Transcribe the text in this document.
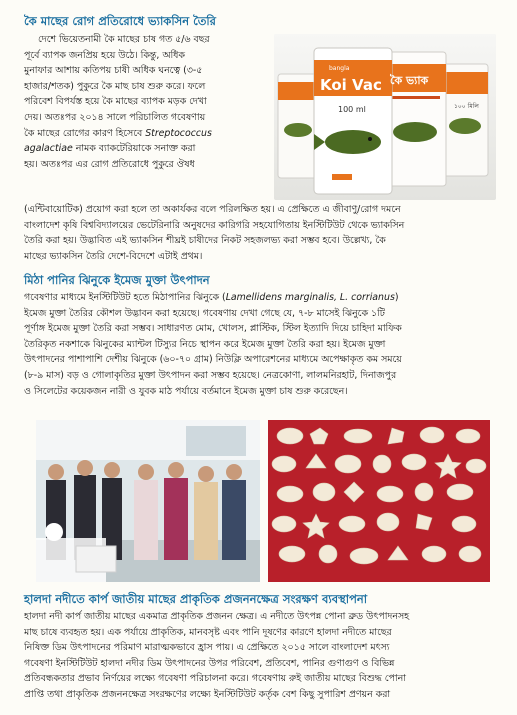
কৈ মাছের রোগ প্রতিরোধে ভ্যাকসিন তৈরি
দেশে ভিয়েতনামী কৈ মাছের চাষ গত ৫/৬ বছর
পূর্বে ব্যাপক জনপ্রিয় হয়ে উঠে। কিন্তু, অধিক
মুনাফার আশায় কতিপয় চাষী অধিক ঘনত্বে (৩-৫
হাজার/শতক) পুকুরে কৈ মাছ চাষ শুরু করে। ফলে
পরিবেশ বিপর্যস্ত হয়ে কৈ মাছের ব্যাপক মড়ক দেখা
দেয়। অতঃপর ২০১৪ সালে পরিচালিত গবেষণায়
কৈ মাছের রোগের কারণ হিসেবে Streptococcus
agalactiae নামক ব্যাকটেরিয়াকে সনাক্ত করা
হয়। অতঃপর এর রোগ প্রতিরোধে পুকুরে ঔষধ
bangla
Koi Vac কৈ ভ্যাক
100 ml	১০০ মিলি
(এন্টিবায়োটিক) প্রয়োগ করা হলে তা অকার্যকর বলে পরিলক্ষিত হয়। এ প্রেক্ষিতে এ জীবাণু/রোগ দমনে
বাংলাদেশ কৃষি বিশ্ববিদ্যালয়ের ভেটেরিনারি অনুষদের কারিগরি সহযোগিতায় ইনস্টিটিউট থেকে ভ্যাকসিন
তৈরি করা হয়। উদ্ভাবিত এই ভ্যাকসিন শীঘ্রই চাষীদের নিকট সহজলভ্য করা সম্ভব হবে। উল্লেখ্য, কৈ
মাছের ভ্যাকসিন তৈরি দেশে-বিদেশে এটাই প্রথম।
মিঠা পানির ঝিনুকে ইমেজ মুক্তা উৎপাদন
গবেষণার মাধ্যমে ইনস্টিটিউট হতে মিঠাপানির ঝিনুকে (Lamellidens marginalis, L. corrianus)
ইমেজ মুক্তা তৈরির কৌশল উদ্ভাবন করা হয়েছে। গবেষণায় দেখা গেছে যে, ৭-৮ মাসেই ঝিনুকে ১টি
পূর্ণাঙ্গ ইমেজ মুক্তা তৈরি করা সম্ভব। সাধারণত মোম, খোলস, প্লাস্টিক, স্টিল ইত্যাদি দিয়ে চাহিদা মাফিক
তৈরিকৃত নকশাকে ঝিনুকের ম্যান্টল টিস্যুর নিচে স্থাপন করে ইমেজ মুক্তা তৈরি করা হয়। ইমেজ মুক্তা
উৎপাদনের পাশাপাশি দেশীয় ঝিনুকে (৬০-৭০ গ্রাম) নিউক্লি অপারেশনের মাধ্যমে অপেক্ষাকৃত কম সময়ে
(৮-৯ মাস) বড় ও গোলাকৃতির মুক্তা উৎপাদন করা সম্ভব হয়েছে। নেত্রকোণা, লালমনিরহাট, দিনাজপুর
ও সিলেটের কয়েকজন নারী ও যুবক মাঠ পর্যায়ে বর্তমানে ইমেজ মুক্তা চাষ শুরু করেছেন।
হালদা নদীতে কার্প জাতীয় মাছের প্রাকৃতিক প্রজননক্ষেত্র সংরক্ষণ ব্যবস্থাপনা
হালদা নদী কার্প জাতীয় মাছের একমাত্র প্রাকৃতিক প্রজনন ক্ষেত্র। এ নদীতে উৎপন্ন পোনা ব্রুড উৎপাদনসহ
মাছ চাষে ব্যবহৃত হয়। এক পর্যায়ে প্রাকৃতিক, মানবসৃষ্ট এবং পানি দূষণের কারণে হালদা নদীতে মাছের
নিষিক্ত ডিম উৎপাদনের পরিমাণ মারাত্মকভাবে হ্রাস পায়। এ প্রেক্ষিতে ২০১৫ সালে বাংলাদেশ মৎস্য
গবেষণা ইনস্টিটিউট হালদা নদীর ডিম উৎপাদনের উপর পরিবেশ, প্রতিবেশ, পানির গুণাগুণ ও বিভিন্ন
প্রতিবন্ধকতার প্রভাব নির্ণয়ের লক্ষ্যে গবেষণা পরিচালনা করে। গবেষণায় রুই জাতীয় মাছের বিশুদ্ধ পোনা
প্রাপ্তি তথা প্রাকৃতিক প্রজননক্ষেত্র সংরক্ষণের লক্ষ্যে ইনস্টিটিউট কর্তৃক বেশ কিছু সুপারিশ প্রণয়ন করা
